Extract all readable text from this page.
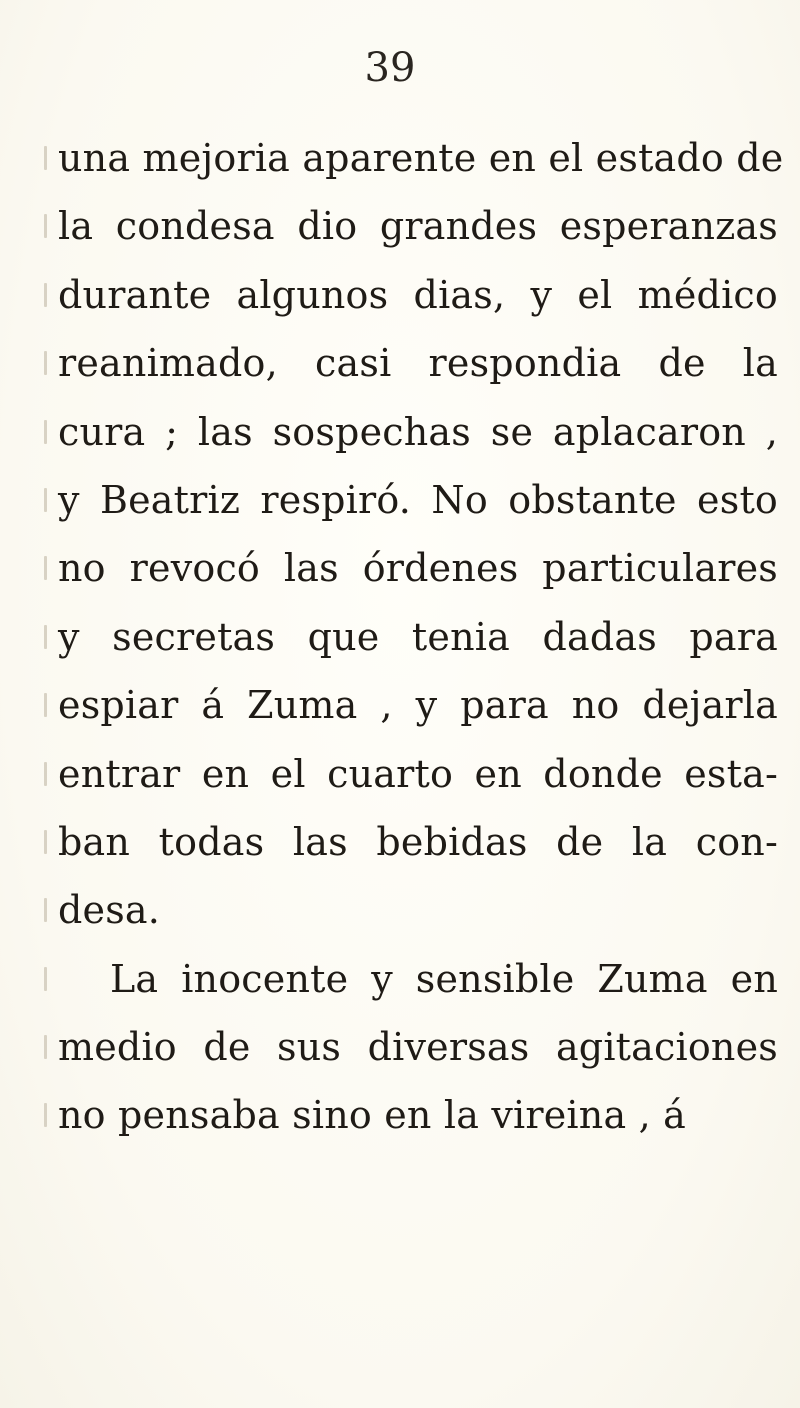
39
una mejoria aparente en el estado de
la condesa dio grandes esperanzas
durante algunos dias, y el médico
reanimado, casi respondia de la
cura ; las sospechas se aplacaron ,
y Beatriz respiró. No obstante esto
no revocó las órdenes particulares
y secretas que tenia dadas para
espiar á Zuma , y para no dejarla
entrar en el cuarto en donde esta-
ban todas las bebidas de la con-
desa.
La inocente y sensible Zuma en
medio de sus diversas agitaciones
no pensaba sino en la vireina , á
